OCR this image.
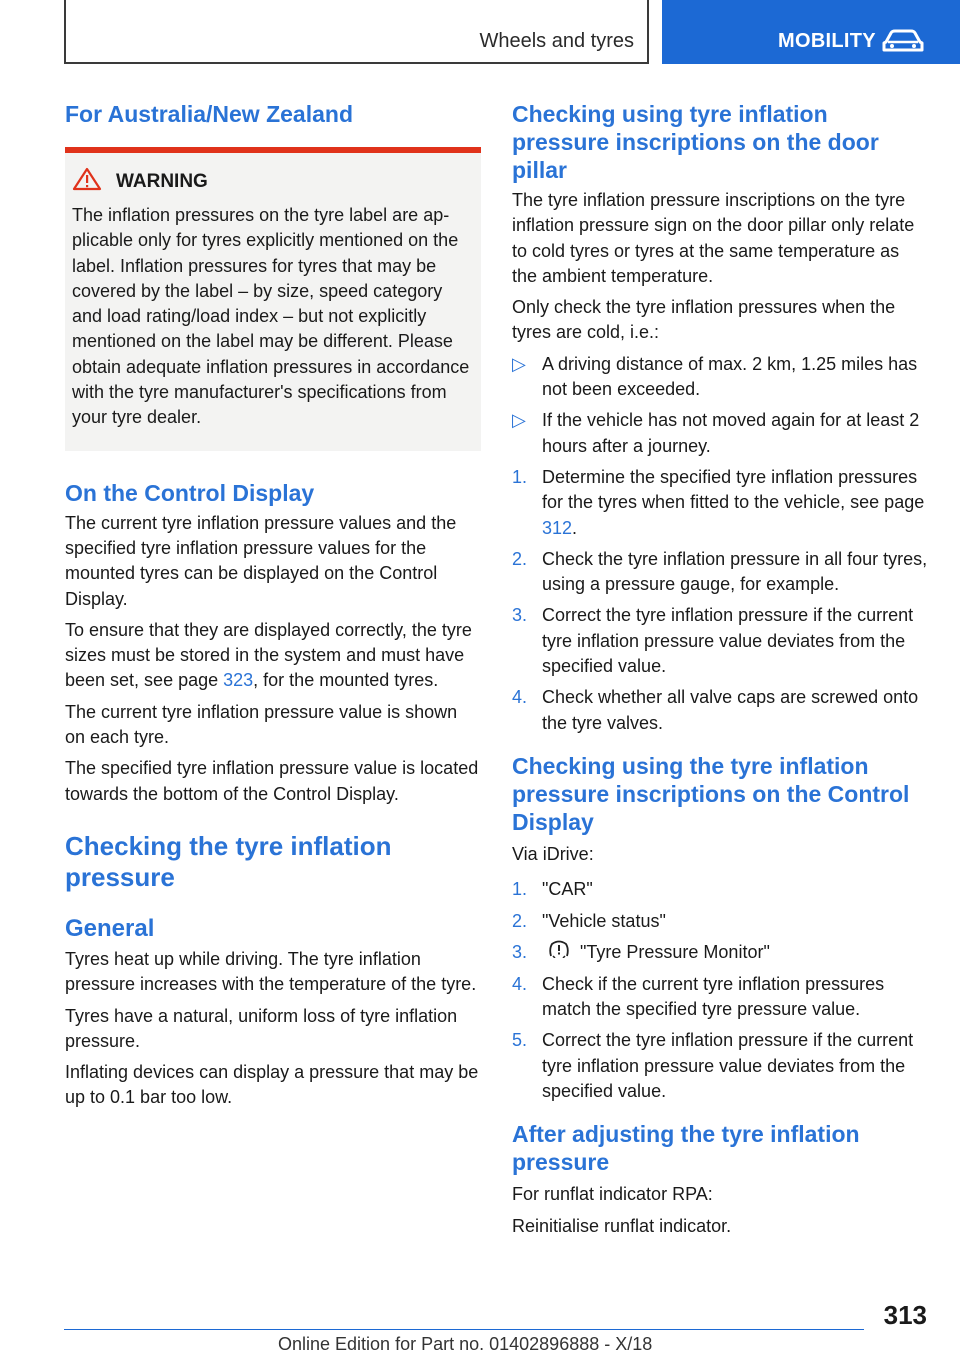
Wheels and tyres	MOBILITY
For Australia/New Zealand
WARNING

The inflation pressures on the tyre label are applicable only for tyres explicitly mentioned on the label. Inflation pressures for tyres that may be covered by the label – by size, speed category and load rating/load index – but not explicitly mentioned on the label may be different. Please obtain adequate inflation pressures in accordance with the tyre manufacturer's specifications from your tyre dealer.

On the Control Display

The current tyre inflation pressure values and the specified tyre inflation pressure values for the mounted tyres can be displayed on the Control Display.

To ensure that they are displayed correctly, the tyre sizes must be stored in the system and must have been set, see page 323, for the mounted tyres.

The current tyre inflation pressure value is shown on each tyre.

The specified tyre inflation pressure value is located towards the bottom of the Control Display.

Checking the tyre inflation pressure
General

Tyres heat up while driving. The tyre inflation pressure increases with the temperature of the tyre.

Tyres have a natural, uniform loss of tyre inflation pressure.

Inflating devices can display a pressure that may be up to 0.1 bar too low.

Checking using tyre inflation pressure inscriptions on the door pillar

The tyre inflation pressure inscriptions on the tyre inflation pressure sign on the door pillar only relate to cold tyres or tyres at the same temperature as the ambient temperature.

Only check the tyre inflation pressures when the tyres are cold, i.e.:

▷ A driving distance of max. 2 km, 1.25 miles has not been exceeded.
▷ If the vehicle has not moved again for at least 2 hours after a journey.
1. Determine the specified tyre inflation pressures for the tyres when fitted to the vehicle, see page 312.
2. Check the tyre inflation pressure in all four tyres, using a pressure gauge, for example.
3. Correct the tyre inflation pressure if the current tyre inflation pressure value deviates from the specified value.
4. Check whether all valve caps are screwed onto the tyre valves.
Checking using the tyre inflation pressure inscriptions on the Control Display

Via iDrive:

1. "CAR"
2. "Vehicle status"
3.	"Tyre Pressure Monitor"
4. Check if the current tyre inflation pressures match the specified tyre pressure value.
5. Correct the tyre inflation pressure if the current tyre inflation pressure value deviates from the specified value.
After adjusting the tyre inflation pressure

For runflat indicator RPA:

Reinitialise runflat indicator.

313
Online Edition for Part no. 01402896888 - X/18
